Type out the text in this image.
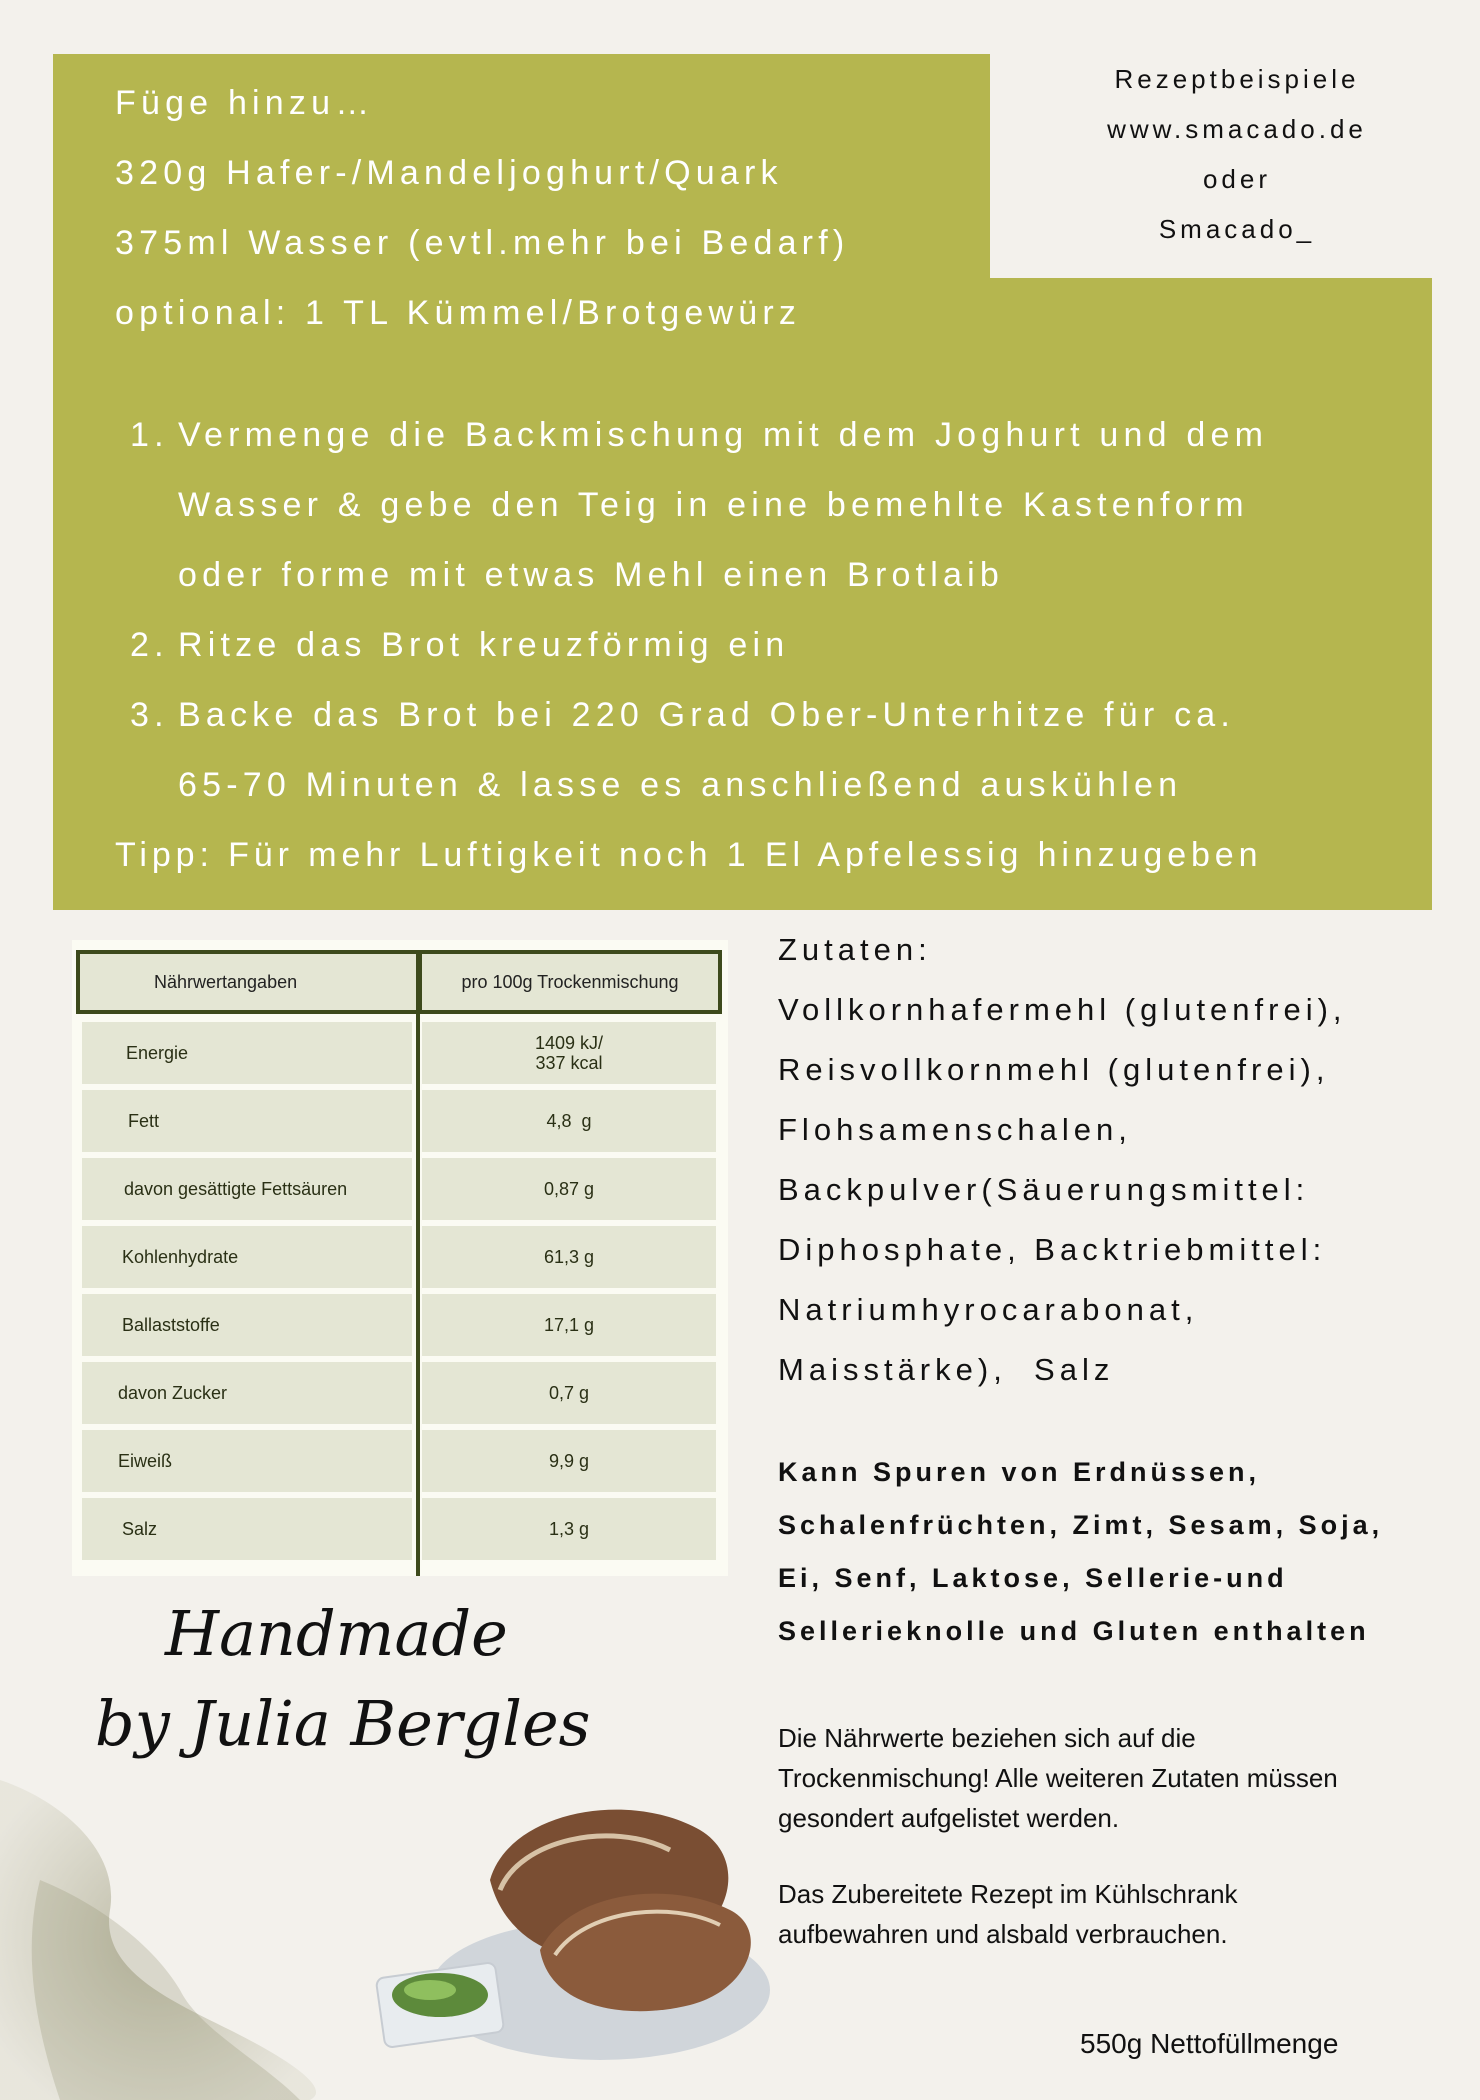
Rezeptbeispiele
www.smacado.de
oder
Smacado_
Füge hinzu…
320g Hafer-/Mandeljoghurt/Quark
375ml Wasser (evtl.mehr bei Bedarf)
optional: 1 TL Kümmel/Brotgewürz
1. Vermenge die Backmischung mit dem Joghurt und dem
Wasser & gebe den Teig in eine bemehlte Kastenform
oder forme mit etwas Mehl einen Brotlaib
2. Ritze das Brot kreuzförmig ein
3. Backe das Brot bei 220 Grad Ober-Unterhitze für ca.
65-70 Minuten & lasse es anschließend auskühlen
Tipp: Für mehr Luftigkeit noch 1 El Apfelessig hinzugeben
Nährwertangaben	pro 100g Trockenmischung
Energie	1409 kJ/
337 kcal
Fett	4,8  g
davon gesättigte Fettsäuren	0,87 g
Kohlenhydrate	61,3 g
Ballaststoffe	17,1 g
davon Zucker	0,7 g
Eiweiß	9,9 g
Salz	1,3 g
Zutaten:
Vollkornhafermehl (glutenfrei),
Reisvollkornmehl (glutenfrei),
Flohsamenschalen,
Backpulver(Säuerungsmittel:
Diphosphate, Backtriebmittel:
Natriumhyrocarabonat,
Maisstärke),  Salz
Kann Spuren von Erdnüssen,
Schalenfrüchten, Zimt, Sesam, Soja,
Ei, Senf, Laktose, Sellerie-und
Sellerieknolle und Gluten enthalten
Die Nährwerte beziehen sich auf die
Trockenmischung! Alle weiteren Zutaten müssen
gesondert aufgelistet werden.
Das Zubereitete Rezept im Kühlschrank
aufbewahren und alsbald verbrauchen.
550g Nettofüllmenge
Handmade
by Julia Bergles
